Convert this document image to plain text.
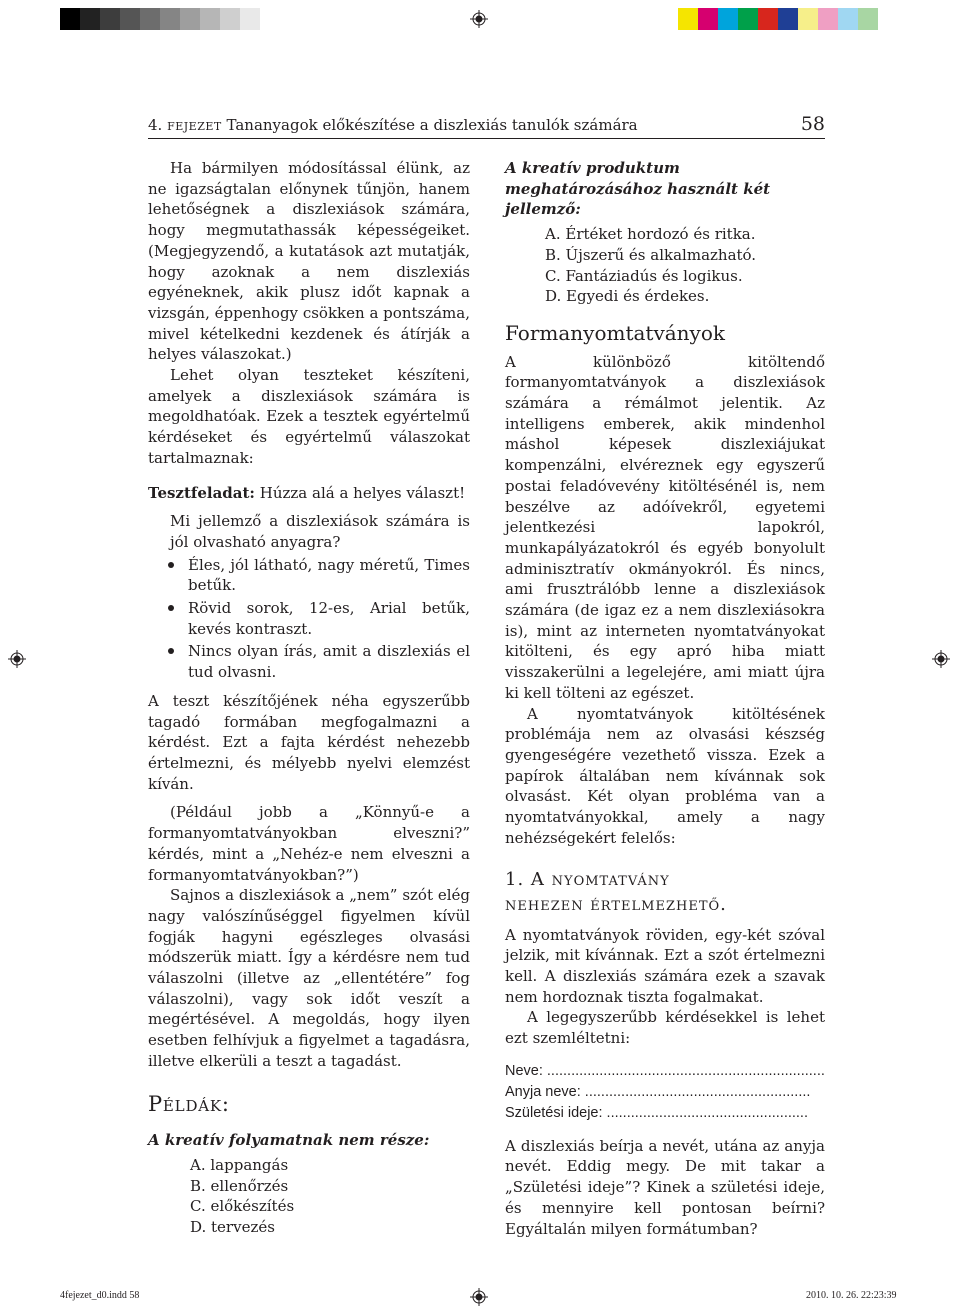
4. fejezet Tananyagok előkészítése a diszlexiás tanulók számára	58

Ha bármilyen módosítással élünk, az ne igazságtalan előnynek tűnjön, hanem lehetőségnek a diszlexiások számára, hogy megmutathassák képességeiket. (Megjegyzendő, a kutatások azt mutatják, hogy azoknak a nem diszlexiás egyéneknek, akik plusz időt kapnak a vizsgán, éppenhogy csökken a pontszáma, mivel kételkedni kezdenek és átírják a helyes válaszokat.)

Lehet olyan teszteket készíteni, amelyek a diszlexiások számára is megoldhatóak. Ezek a tesztek egyértelmű kérdéseket és egyértelmű válaszokat tartalmaznak:

Tesztfeladat: Húzza alá a helyes választ!

Mi jellemző a diszlexiások számára is jól olvasható anyagra?

Éles, jól látható, nagy méretű, Times betűk.
Rövid sorok, 12-es, Arial betűk, kevés kontraszt.
Nincs olyan írás, amit a diszlexiás el tud olvasni.

A teszt készítőjének néha egyszerűbb tagadó formában megfogalmazni a kérdést. Ezt a fajta kérdést nehezebb értelmezni, és mélyebb nyelvi elemzést kíván.

(Például jobb a „Könnyű-e a formanyomtatványokban elveszni?” kérdés, mint a „Nehéz-e nem elveszni a formanyomtatványokban?”)

Sajnos a diszlexiások a „nem” szót elég nagy valószínűséggel figyelmen kívül fogják hagyni egészleges olvasási módszerük miatt. Így a kérdésre nem tud válaszolni (illetve az „ellentétére” fog válaszolni), vagy sok időt veszít a megértésével. A megoldás, hogy ilyen esetben felhívjuk a figyelmet a tagadásra, illetve elkerüli a teszt a tagadást.

Példák:
A kreatív folyamatnak nem része:
A. lappangás
B. ellenőrzés
C. előkészítés
D. tervezés
A kreatív produktum meghatározásához használt két jellemző:
A. Értéket hordozó és ritka.
B. Újszerű és alkalmazható.
C. Fantáziadús és logikus.
D. Egyedi és érdekes.
Formanyomtatványok

A különböző kitöltendő formanyomtatványok a diszlexiások számára a rémálmot jelentik. Az intelligens emberek, akik mindenhol máshol képesek diszlexiájukat kompenzálni, elvéreznek egy egyszerű postai feladóvevény kitöltésénél is, nem beszélve az adóívekről, egyetemi jelentkezési lapokról, munkapályázatokról és egyéb bonyolult adminisztratív okmányokról. És nincs, ami frusztrálóbb lenne a diszlexiások számára (de igaz ez a nem diszlexiásokra is), mint az interneten nyomtatványokat kitölteni, és egy apró hiba miatt visszakerülni a legelejére, ami miatt újra ki kell tölteni az egészet.

A nyomtatványok kitöltésének problémája nem az olvasási készség gyengeségére vezethető vissza. Ezek a papírok általában nem kívánnak sok olvasást. Két olyan probléma van a nyomtatványokkal, amely a nagy nehézségekért felelős:

1. A nyomtatvány
nehezen értelmezhető.

A nyomtatványok röviden, egy-két szóval jelzik, mit kívánnak. Ezt a szót értelmezni kell. A diszlexiás számára ezek a szavak nem hordoznak tiszta fogalmakat.

A legegyszerűbb kérdésekkel is lehet ezt szemléltetni:

Neve: .....................................................................
Anyja neve: ........................................................
Születési ideje: ..................................................

A diszlexiás beírja a nevét, utána az anyja nevét. Eddig megy. De mit takar a „Születési ideje”? Kinek a születési ideje, és mennyire kell pontosan beírni? Egyáltalán milyen formátumban?

4fejezet_d0.indd 58	2010. 10. 26. 22:23:39
